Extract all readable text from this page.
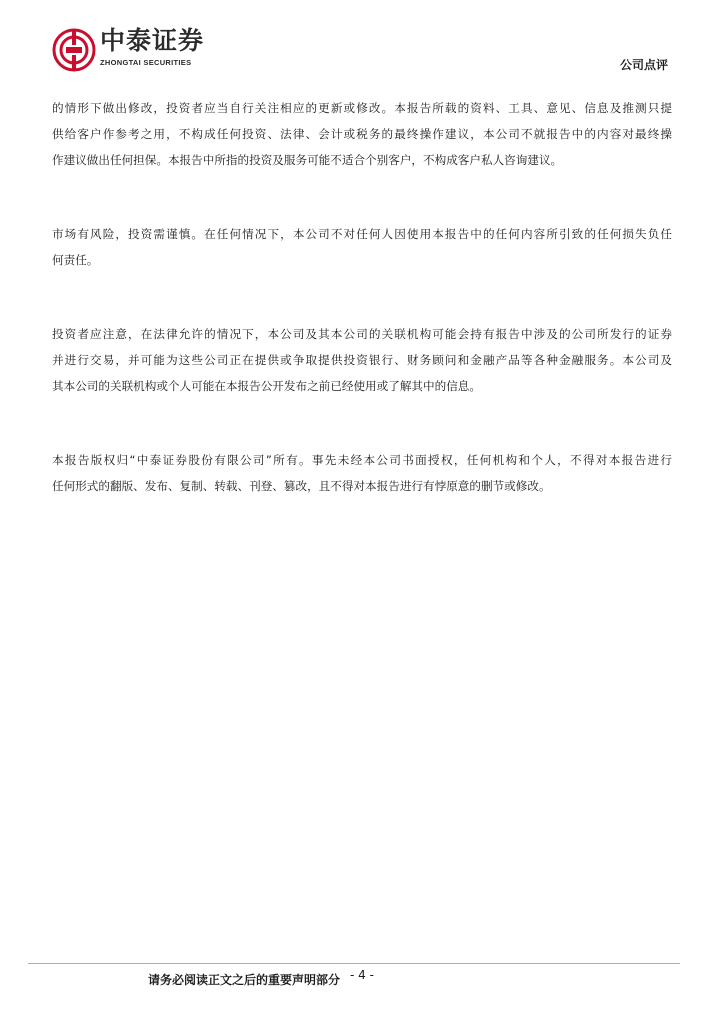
中泰证券
ZHONGTAI SECURITIES	公司点评

的情形下做出修改，投资者应当自行关注相应的更新或修改。本报告所载的资料、工具、意见、信息及推测只提
供给客户作参考之用，不构成任何投资、法律、会计或税务的最终操作建议，本公司不就报告中的内容对最终操
作建议做出任何担保。本报告中所指的投资及服务可能不适合个别客户，不构成客户私人咨询建议。

市场有风险，投资需谨慎。在任何情况下，本公司不对任何人因使用本报告中的任何内容所引致的任何损失负任
何责任。

投资者应注意，在法律允许的情况下，本公司及其本公司的关联机构可能会持有报告中涉及的公司所发行的证券
并进行交易，并可能为这些公司正在提供或争取提供投资银行、财务顾问和金融产品等各种金融服务。本公司及
其本公司的关联机构或个人可能在本报告公开发布之前已经使用或了解其中的信息。

本报告版权归“中泰证券股份有限公司”所有。事先未经本公司书面授权，任何机构和个人，不得对本报告进行
任何形式的翻版、发布、复制、转载、刊登、篡改，且不得对本报告进行有悖原意的删节或修改。

请务必阅读正文之后的重要声明部分 - 4 -
